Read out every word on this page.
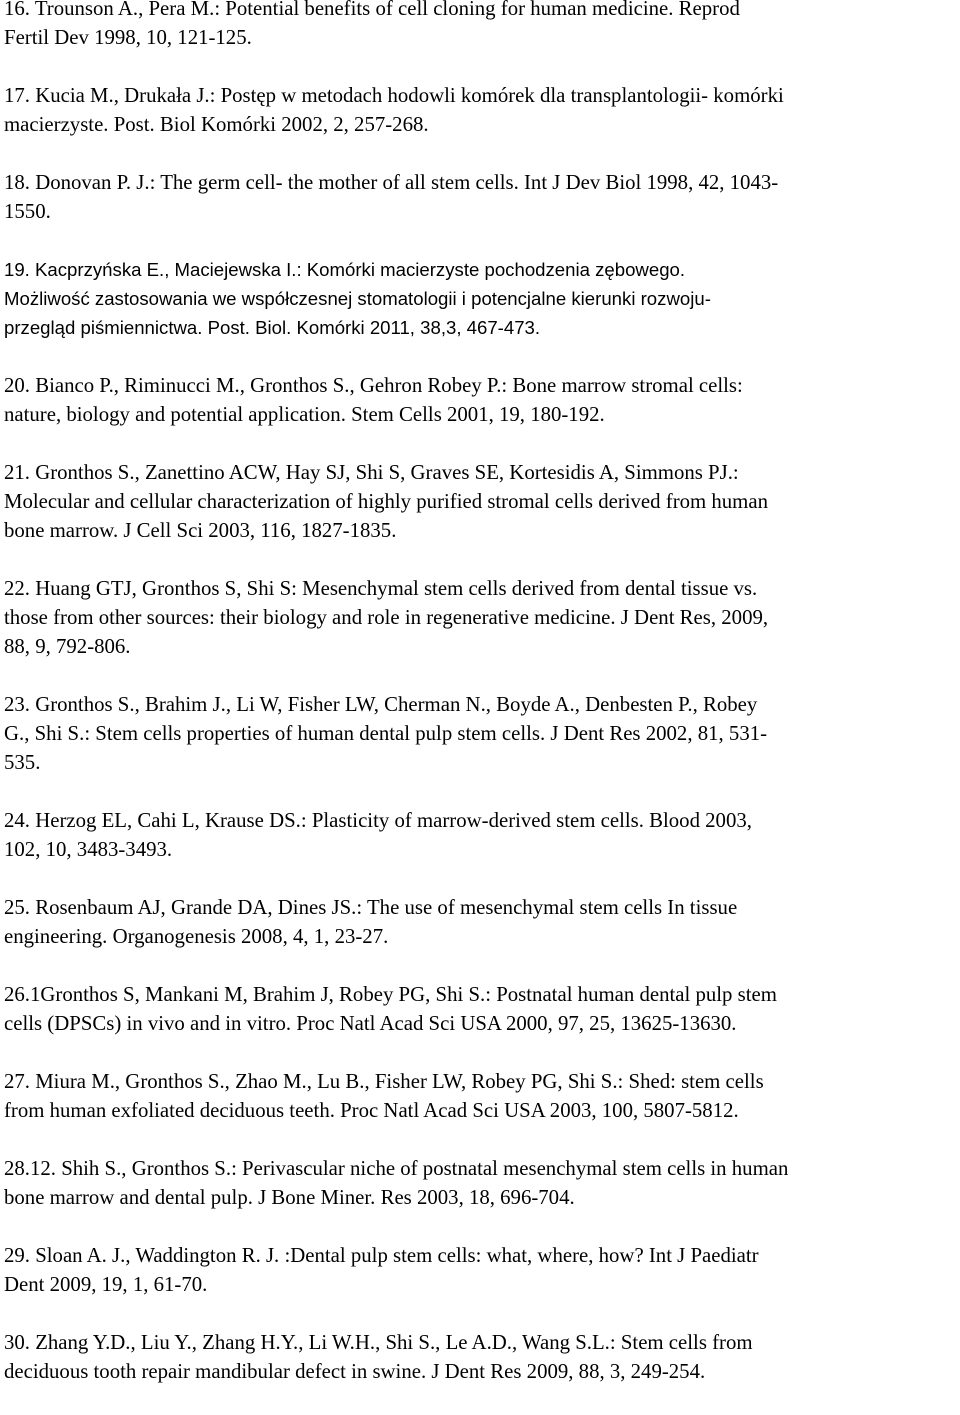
16. Trounson A., Pera M.: Potential benefits of cell cloning for human medicine. Reprod
Fertil Dev 1998, 10, 121-125.
17. Kucia M., Drukała J.: Postęp w metodach hodowli komórek dla transplantologii- komórki
macierzyste. Post. Biol Komórki 2002, 2, 257-268.
18. Donovan P. J.: The germ cell- the mother of all stem cells. Int J Dev Biol 1998, 42, 1043-
1550.
19. Kacprzyńska E., Maciejewska I.: Komórki macierzyste pochodzenia zębowego.
Możliwość zastosowania we współczesnej stomatologii i potencjalne kierunki rozwoju-
przegląd piśmiennictwa. Post. Biol. Komórki 2011, 38,3, 467-473.
20. Bianco P., Riminucci M., Gronthos S., Gehron Robey P.: Bone marrow stromal cells:
nature, biology and potential application. Stem Cells 2001, 19, 180-192.
21. Gronthos S., Zanettino ACW, Hay SJ, Shi S, Graves SE, Kortesidis A, Simmons PJ.:
Molecular and cellular characterization of highly purified stromal cells derived from human
bone marrow. J Cell Sci 2003, 116, 1827-1835.
22. Huang GTJ, Gronthos S, Shi S: Mesenchymal stem cells derived from dental tissue vs.
those from other sources: their biology and role in regenerative medicine. J Dent Res, 2009,
88, 9, 792-806.
23. Gronthos S., Brahim J., Li W, Fisher LW, Cherman N., Boyde A., Denbesten P., Robey
G., Shi S.: Stem cells properties of human dental pulp stem cells. J Dent Res 2002, 81, 531-
535.
24. Herzog EL, Cahi L, Krause DS.: Plasticity of marrow-derived stem cells. Blood 2003,
102, 10, 3483-3493.
25. Rosenbaum AJ, Grande DA, Dines JS.: The use of mesenchymal stem cells In tissue
engineering. Organogenesis 2008, 4, 1, 23-27.
26.1Gronthos S, Mankani M, Brahim J, Robey PG, Shi S.: Postnatal human dental pulp stem
cells (DPSCs) in vivo and in vitro. Proc Natl Acad Sci USA 2000, 97, 25, 13625-13630.
27. Miura M., Gronthos S., Zhao M., Lu B., Fisher LW, Robey PG, Shi S.: Shed: stem cells
from human exfoliated deciduous teeth. Proc Natl Acad Sci USA 2003, 100, 5807-5812.
28.12. Shih S., Gronthos S.: Perivascular niche of postnatal mesenchymal stem cells in human
bone marrow and dental pulp. J Bone Miner. Res 2003, 18, 696-704.
29. Sloan A. J., Waddington R. J. :Dental pulp stem cells: what, where, how? Int J Paediatr
Dent 2009, 19, 1, 61-70.
30. Zhang Y.D., Liu Y., Zhang H.Y., Li W.H., Shi S., Le A.D., Wang S.L.: Stem cells from
deciduous tooth repair mandibular defect in swine. J Dent Res 2009, 88, 3, 249-254.
